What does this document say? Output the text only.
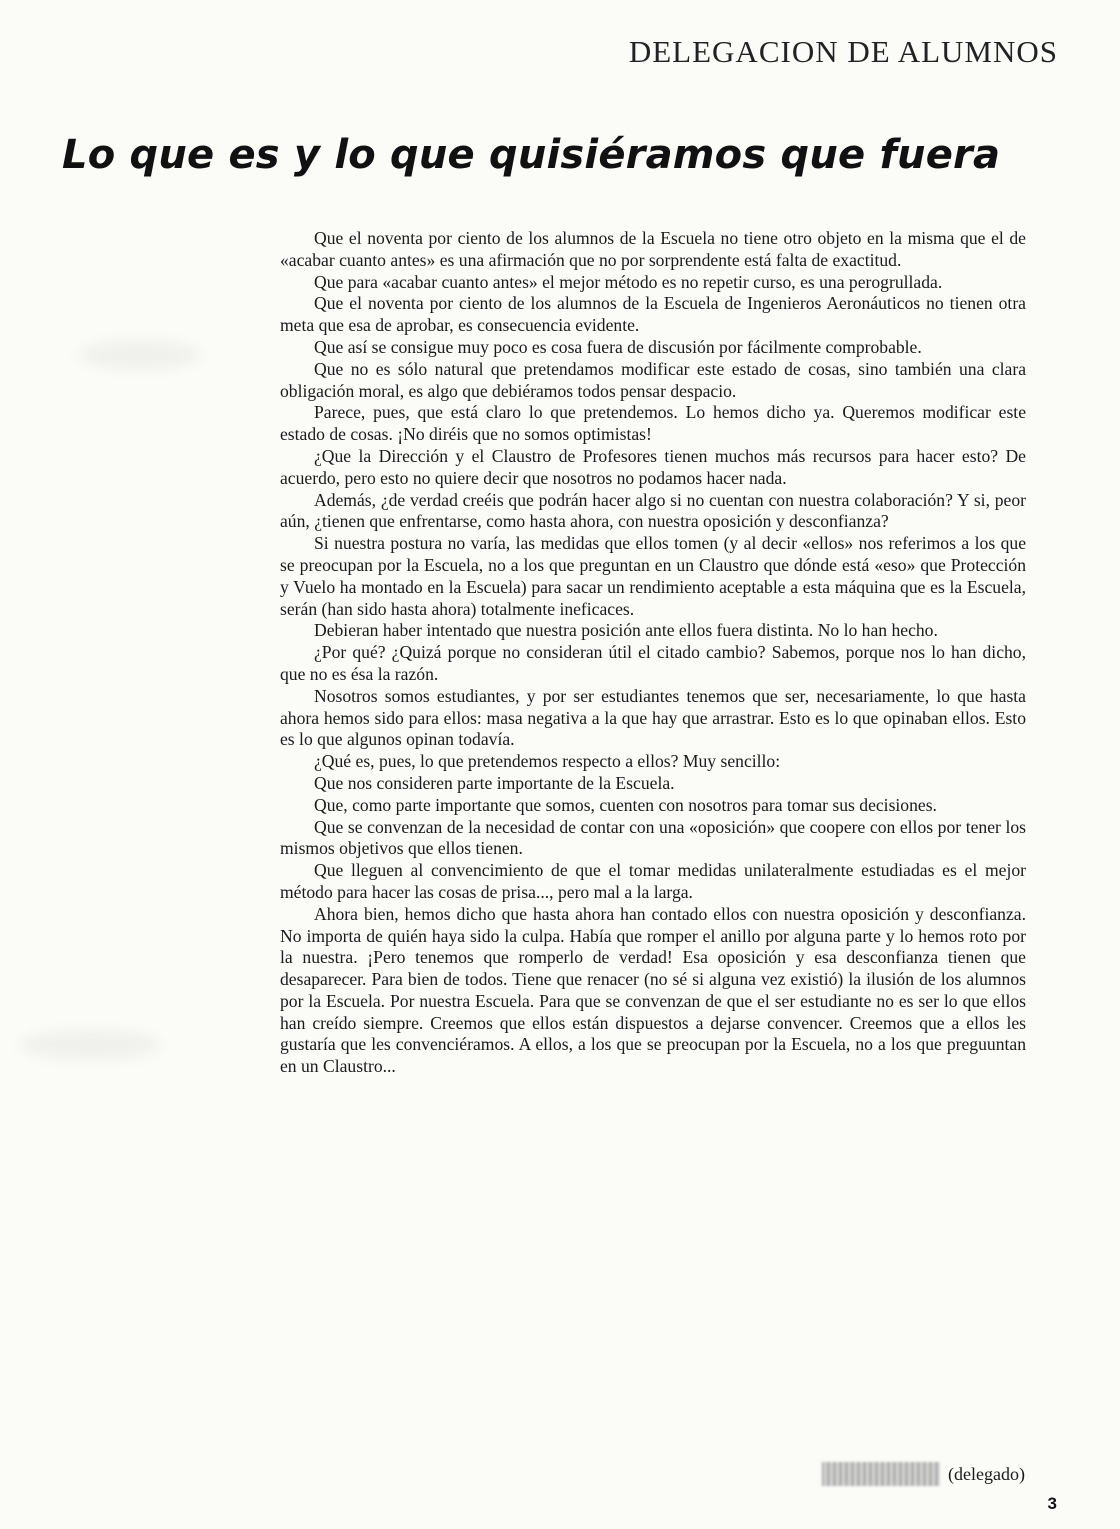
DELEGACION DE ALUMNOS
Lo que es y lo que quisiéramos que fuera

Que el noventa por ciento de los alumnos de la Escuela no tiene otro objeto en la misma que el de «acabar cuanto antes» es una afirmación que no por sorprendente está falta de exactitud.

Que para «acabar cuanto antes» el mejor método es no repetir curso, es una perogrullada.

Que el noventa por ciento de los alumnos de la Escuela de Ingenieros Aeronáuticos no tienen otra meta que esa de aprobar, es consecuencia evidente.

Que así se consigue muy poco es cosa fuera de discusión por fácilmente comprobable.

Que no es sólo natural que pretendamos modificar este estado de cosas, sino también una clara obligación moral, es algo que debiéramos todos pensar despacio.

Parece, pues, que está claro lo que pretendemos. Lo hemos dicho ya. Queremos modificar este estado de cosas. ¡No diréis que no somos optimistas!

¿Que la Dirección y el Claustro de Profesores tienen muchos más recursos para hacer esto? De acuerdo, pero esto no quiere decir que nosotros no podamos hacer nada.

Además, ¿de verdad creéis que podrán hacer algo si no cuentan con nuestra colaboración? Y si, peor aún, ¿tienen que enfrentarse, como hasta ahora, con nuestra oposición y desconfianza?

Si nuestra postura no varía, las medidas que ellos tomen (y al decir «ellos» nos referimos a los que se preocupan por la Escuela, no a los que preguntan en un Claustro que dónde está «eso» que Protección y Vuelo ha montado en la Escuela) para sacar un rendimiento aceptable a esta máquina que es la Escuela, serán (han sido hasta ahora) totalmente ineficaces.

Debieran haber intentado que nuestra posición ante ellos fuera distinta. No lo han hecho.

¿Por qué? ¿Quizá porque no consideran útil el citado cambio? Sabemos, porque nos lo han dicho, que no es ésa la razón.

Nosotros somos estudiantes, y por ser estudiantes tenemos que ser, necesariamente, lo que hasta ahora hemos sido para ellos: masa negativa a la que hay que arrastrar. Esto es lo que opinaban ellos. Esto es lo que algunos opinan todavía.

¿Qué es, pues, lo que pretendemos respecto a ellos? Muy sencillo:

Que nos consideren parte importante de la Escuela.

Que, como parte importante que somos, cuenten con nosotros para tomar sus decisiones.

Que se convenzan de la necesidad de contar con una «oposición» que coopere con ellos por tener los mismos objetivos que ellos tienen.

Que lleguen al convencimiento de que el tomar medidas unilateralmente estudiadas es el mejor método para hacer las cosas de prisa..., pero mal a la larga.

Ahora bien, hemos dicho que hasta ahora han contado ellos con nuestra oposición y desconfianza. No importa de quién haya sido la culpa. Había que romper el anillo por alguna parte y lo hemos roto por la nuestra. ¡Pero tenemos que romperlo de verdad! Esa oposición y esa desconfianza tienen que desaparecer. Para bien de todos. Tiene que renacer (no sé si alguna vez existió) la ilusión de los alumnos por la Escuela. Por nuestra Escuela. Para que se convenzan de que el ser estudiante no es ser lo que ellos han creído siempre. Creemos que ellos están dispuestos a dejarse convencer. Creemos que a ellos les gustaría que les convenciéramos. A ellos, a los que se preocupan por la Escuela, no a los que preguuntan en un Claustro...

(delegado)
3
